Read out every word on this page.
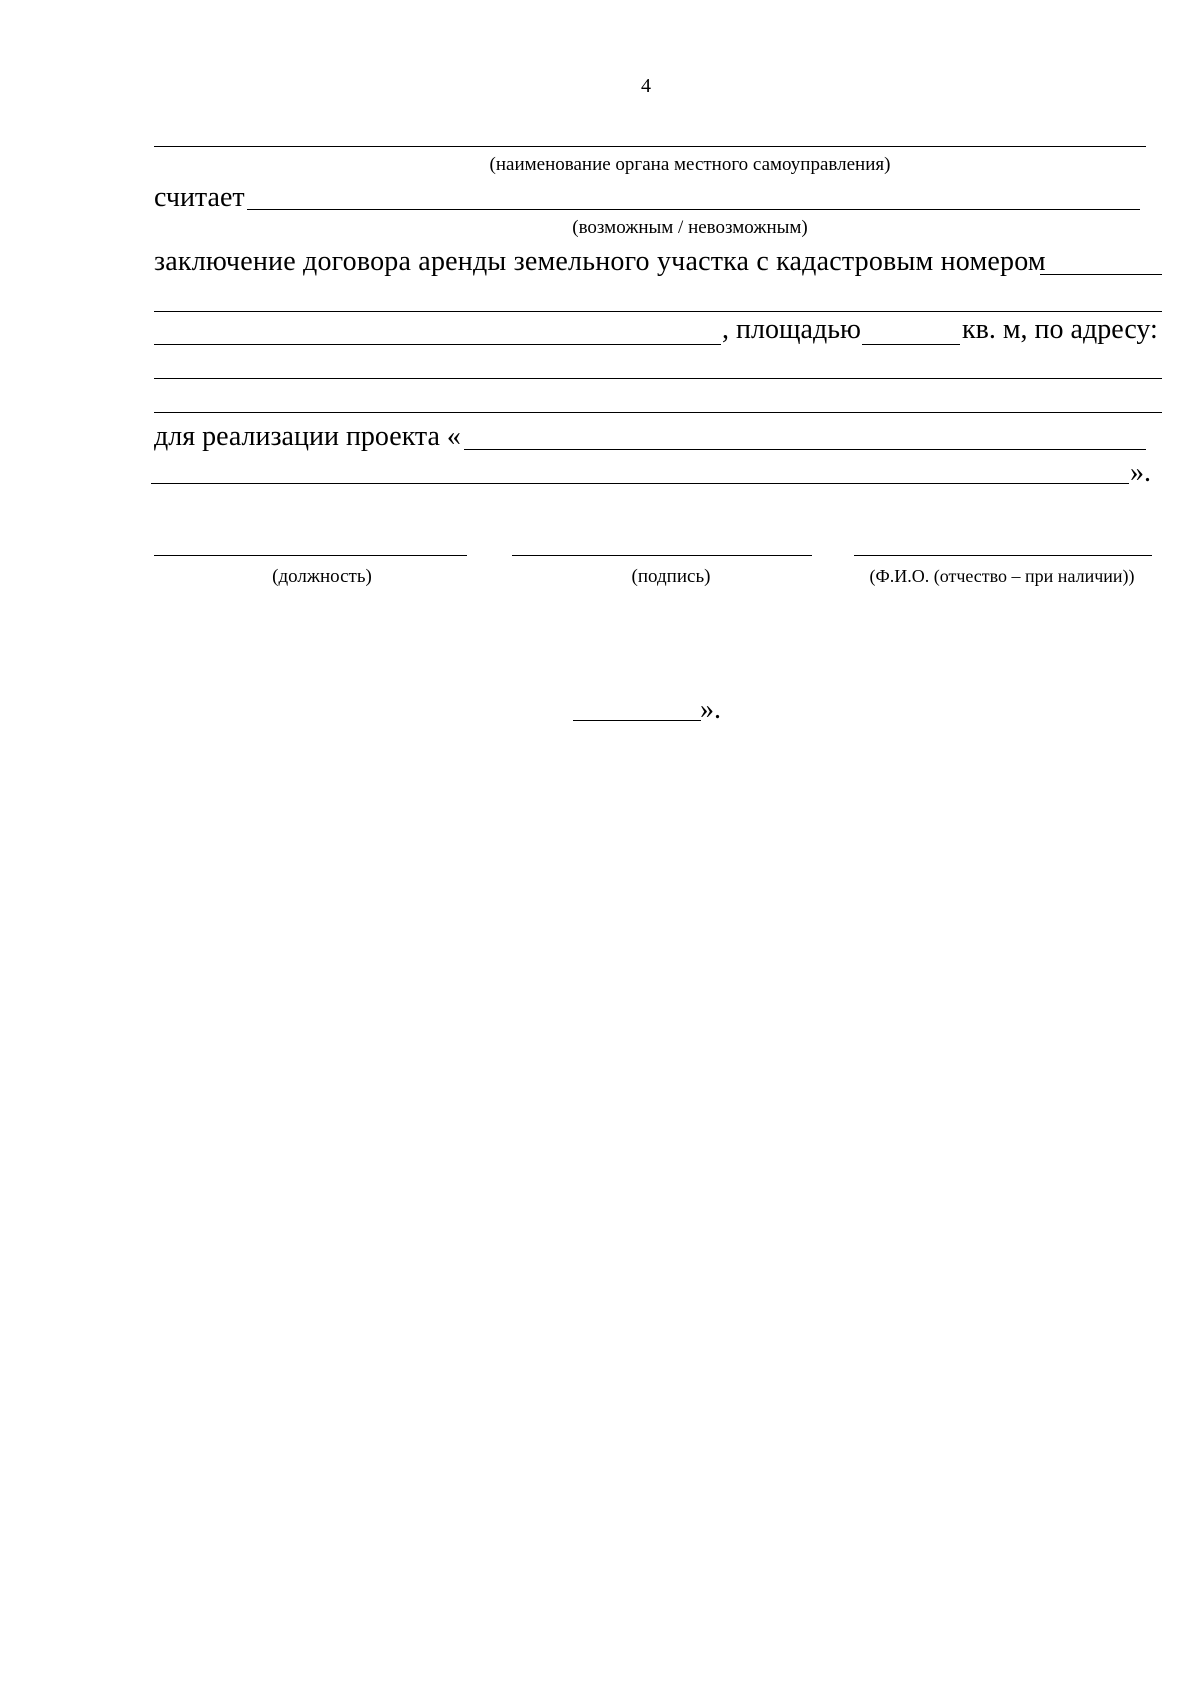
4
(наименование органа местного самоуправления)
считает
(возможным / невозможным)
заключение договора аренды земельного участка с кадастровым номером
, площадью	кв. м, по адресу:
для реализации проекта «
».
(должность)	(подпись)	(Ф.И.О. (отчество – при наличии))
».
